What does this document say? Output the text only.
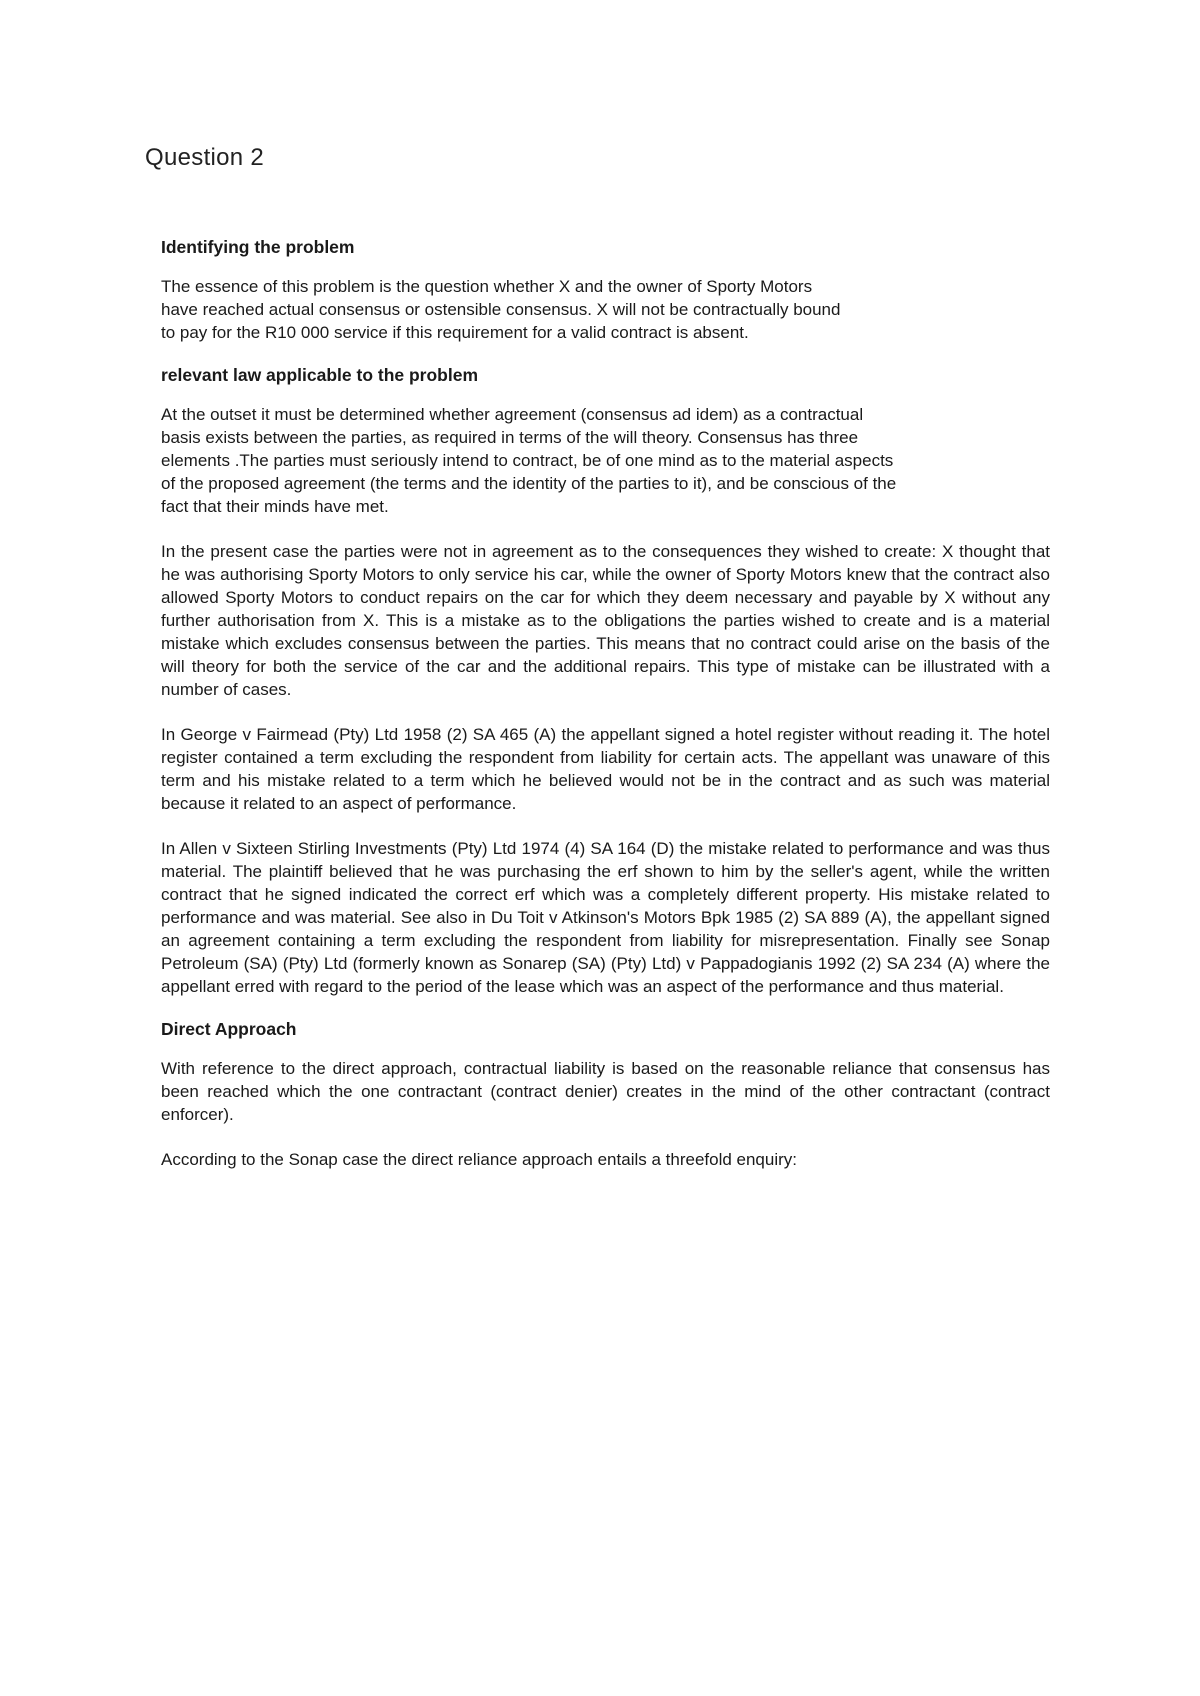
Question 2
Identifying the problem
The essence of this problem is the question whether X and the owner of Sporty Motors
have reached actual consensus or ostensible consensus. X will not be contractually bound
to pay for the R10 000 service if this requirement for a valid contract is absent.
relevant law applicable to the problem
At the outset it must be determined whether agreement (consensus ad idem) as a contractual
basis exists between the parties, as required in terms of the will theory. Consensus has three
elements .The parties must seriously intend to contract, be of one mind as to the material aspects
of the proposed agreement (the terms and the identity of the parties to it), and be conscious of the
fact that their minds have met.

In the present case the parties were not in agreement as to the consequences they wished to create: X thought that he was authorising Sporty Motors to only service his car, while the owner of Sporty Motors knew that the contract also allowed Sporty Motors to conduct repairs on the car for which they deem necessary and payable by X without any further authorisation from X. This is a mistake as to the obligations the parties wished to create and is a material mistake which excludes consensus between the parties. This means that no contract could arise on the basis of the will theory for both the service of the car and the additional repairs. This type of mistake can be illustrated with a number of cases.

In George v Fairmead (Pty) Ltd 1958 (2) SA 465 (A) the appellant signed a hotel register without reading it. The hotel register contained a term excluding the respondent from liability for certain acts. The appellant was unaware of this term and his mistake related to a term which he believed would not be in the contract and as such was material because it related to an aspect of performance.

In Allen v Sixteen Stirling Investments (Pty) Ltd 1974 (4) SA 164 (D) the mistake related to performance and was thus material. The plaintiff believed that he was purchasing the erf shown to him by the seller's agent, while the written contract that he signed indicated the correct erf which was a completely different property. His mistake related to performance and was material. See also in Du Toit v Atkinson's Motors Bpk 1985 (2) SA 889 (A), the appellant signed an agreement containing a term excluding the respondent from liability for misrepresentation. Finally see Sonap Petroleum (SA) (Pty) Ltd (formerly known as Sonarep (SA) (Pty) Ltd) v Pappadogianis 1992 (2) SA 234 (A) where the appellant erred with regard to the period of the lease which was an aspect of the performance and thus material.

Direct Approach

With reference to the direct approach, contractual liability is based on the reasonable reliance that consensus has been reached which the one contractant (contract denier) creates in the mind of the other contractant (contract enforcer).

According to the Sonap case the direct reliance approach entails a threefold enquiry:
